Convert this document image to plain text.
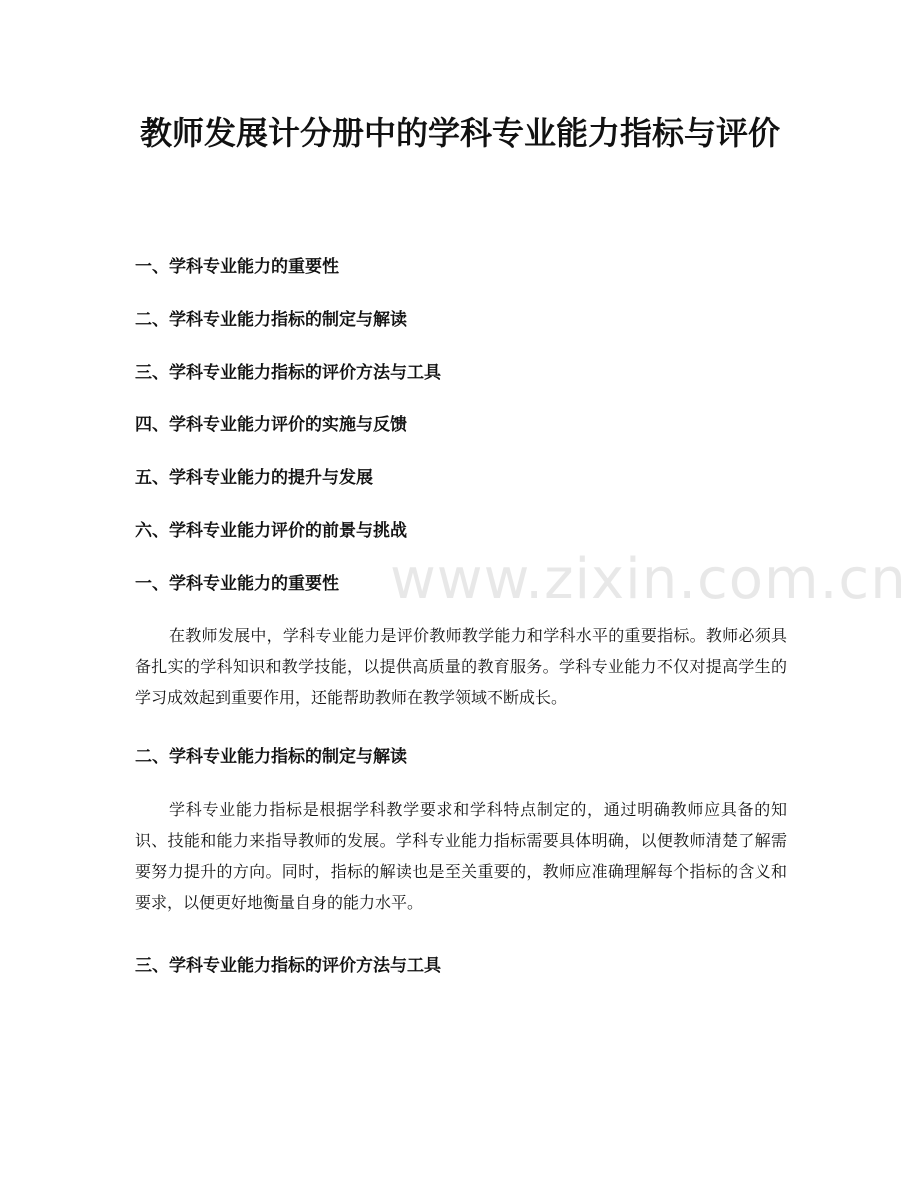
教师发展计分册中的学科专业能力指标与评价
一、学科专业能力的重要性
二、学科专业能力指标的制定与解读
三、学科专业能力指标的评价方法与工具
四、学科专业能力评价的实施与反馈
五、学科专业能力的提升与发展
六、学科专业能力评价的前景与挑战
www.zixin.com.cn
一、学科专业能力的重要性

在教师发展中，学科专业能力是评价教师教学能力和学科水平的重要指标。教师必须具备扎实的学科知识和教学技能，以提供高质量的教育服务。学科专业能力不仅对提高学生的学习成效起到重要作用，还能帮助教师在教学领域不断成长。

二、学科专业能力指标的制定与解读

学科专业能力指标是根据学科教学要求和学科特点制定的，通过明确教师应具备的知识、技能和能力来指导教师的发展。学科专业能力指标需要具体明确，以便教师清楚了解需要努力提升的方向。同时，指标的解读也是至关重要的，教师应准确理解每个指标的含义和要求，以便更好地衡量自身的能力水平。

三、学科专业能力指标的评价方法与工具
